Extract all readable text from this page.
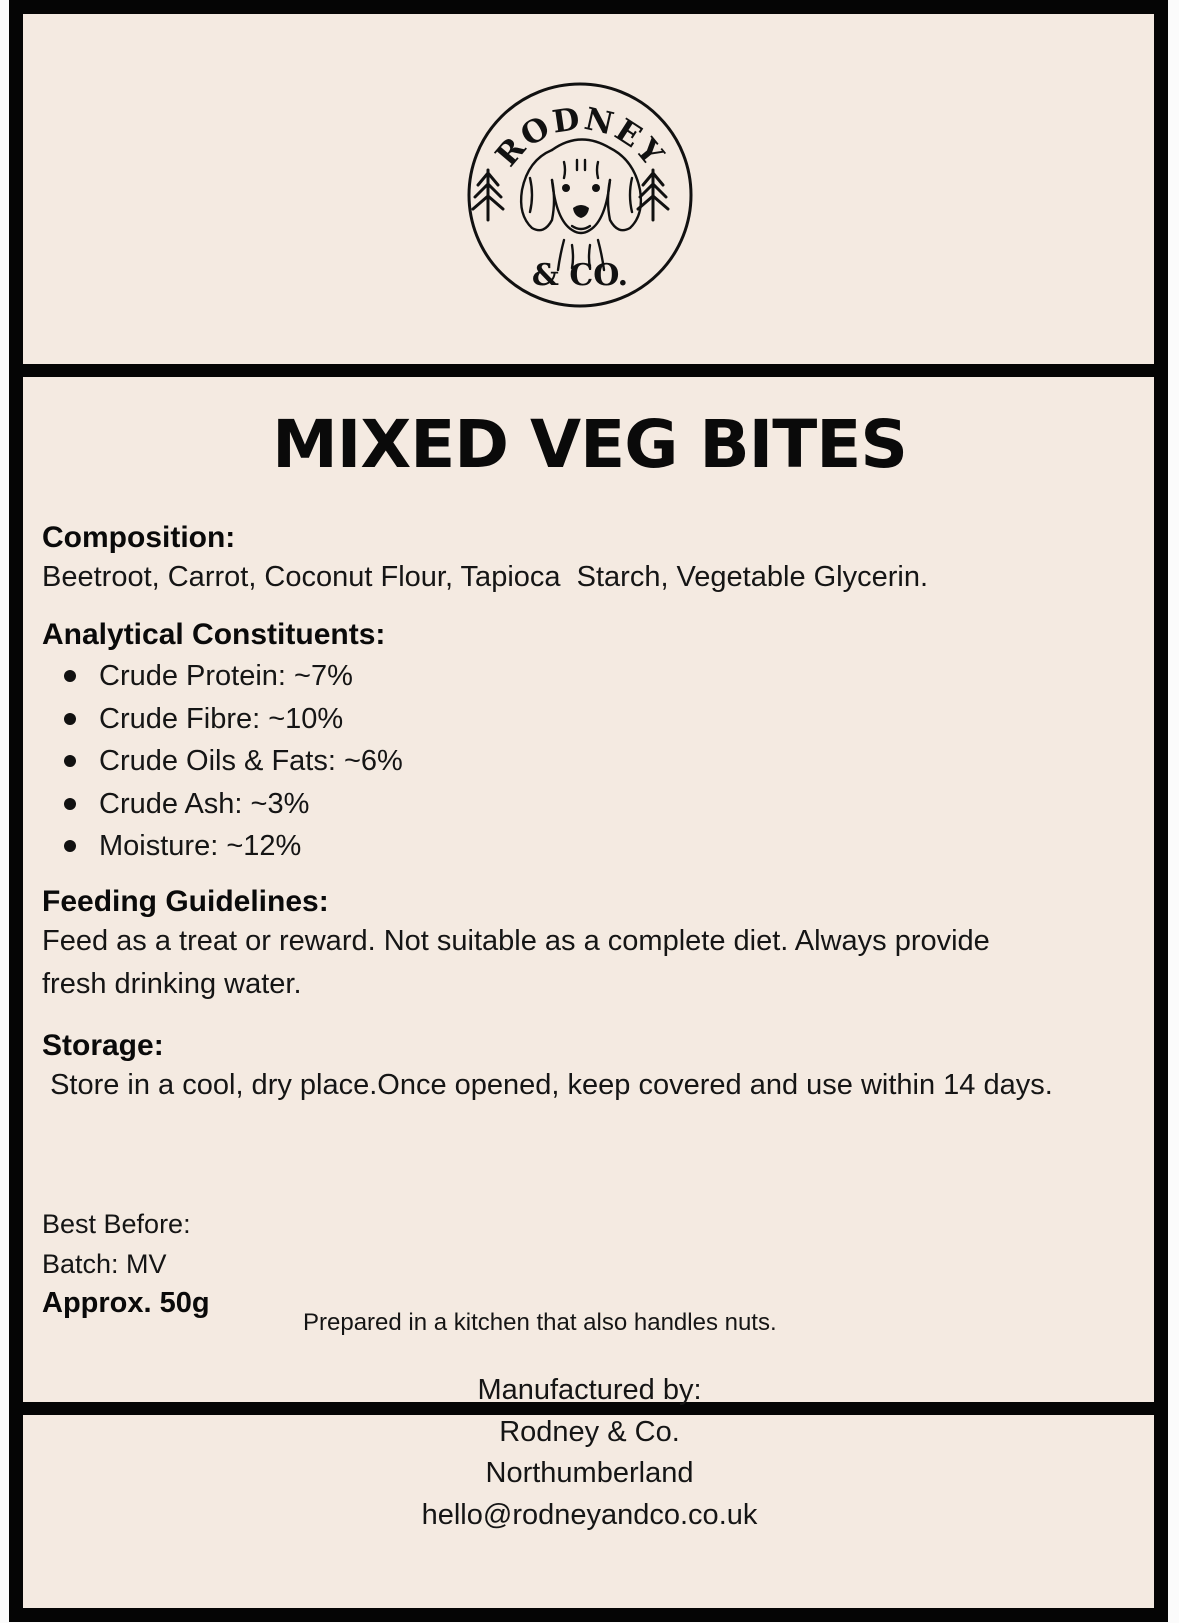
RODNEY
& CO.
MIXED VEG BITES

Composition:

Beetroot, Carrot, Coconut Flour, Tapioca  Starch, Vegetable Glycerin.

Analytical Constituents:

Crude Protein: ~7%
Crude Fibre: ~10%
Crude Oils & Fats: ~6%
Crude Ash: ~3%
Moisture: ~12%

Feeding Guidelines:

Feed as a treat or reward. Not suitable as a complete diet. Always provide fresh drinking water.

Storage:

Store in a cool, dry place.Once opened, keep covered and use within 14 days.

Best Before:
Batch: MV
Approx. 50g
Prepared in a kitchen that also handles nuts.
Manufactured by:
Rodney & Co.
Northumberland
hello@rodneyandco.co.uk
